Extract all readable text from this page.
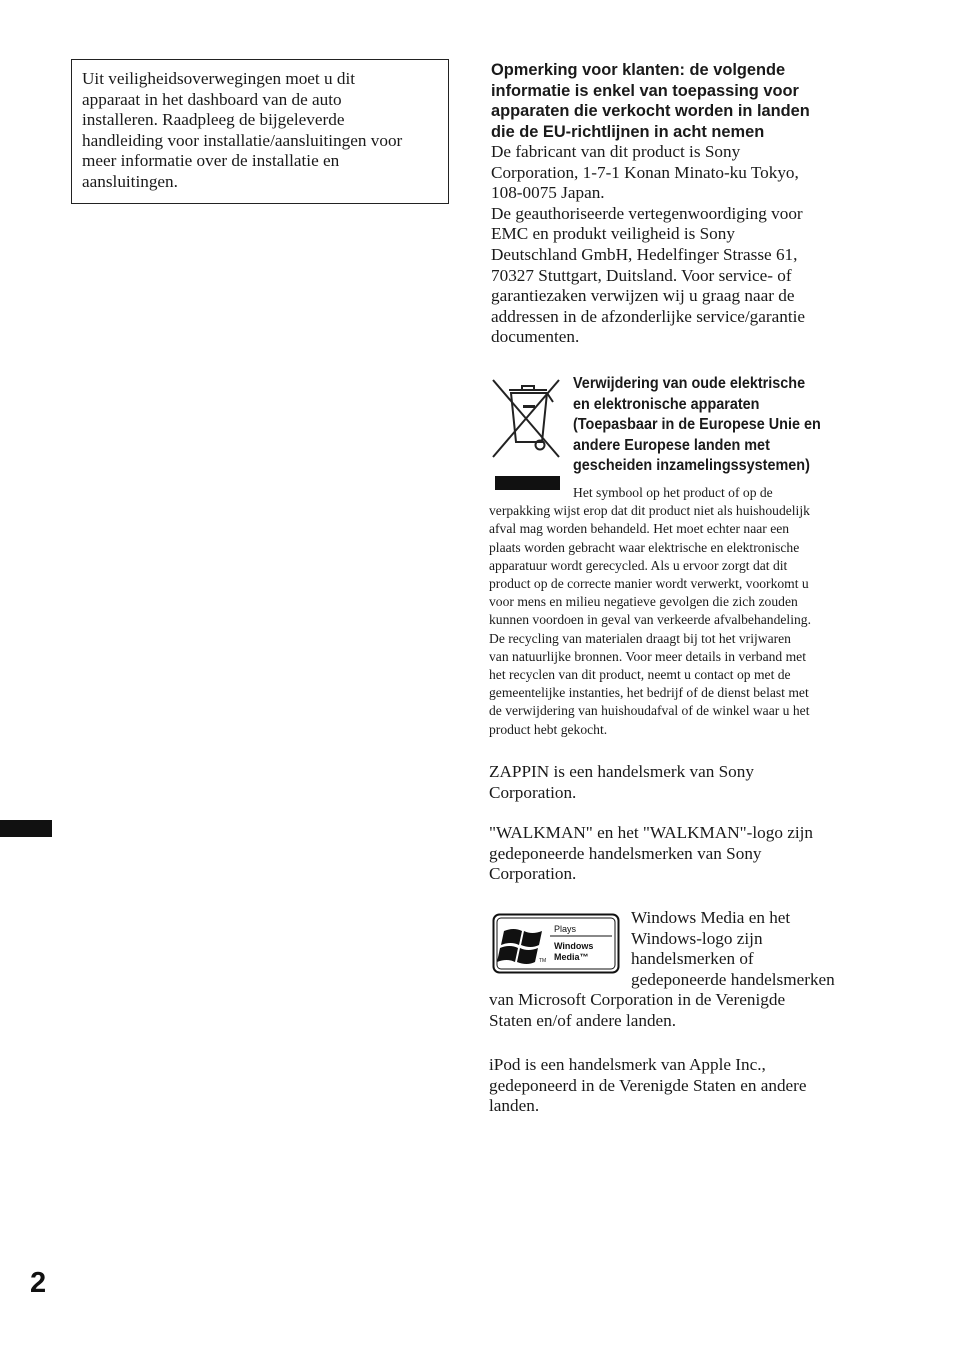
Uit veiligheidsoverwegingen moet u dit
apparaat in het dashboard van de auto
installeren. Raadpleeg de bijgeleverde
handleiding voor installatie/aansluitingen voor
meer informatie over de installatie en
aansluitingen.
Opmerking voor klanten: de volgende
informatie is enkel van toepassing voor
apparaten die verkocht worden in landen
die de EU-richtlijnen in acht nemen
De fabricant van dit product is Sony
Corporation, 1-7-1 Konan Minato-ku Tokyo,
108-0075 Japan.
De geauthoriseerde vertegenwoordiging voor
EMC en produkt veiligheid is Sony
Deutschland GmbH, Hedelfinger Strasse 61,
70327 Stuttgart, Duitsland. Voor service- of
garantiezaken verwijzen wij u graag naar de
addressen in de afzonderlijke service/garantie
documenten.
Verwijdering van oude elektrische
en elektronische apparaten
(Toepasbaar in de Europese Unie en
andere Europese landen met
gescheiden inzamelingssystemen)
Het symbool op het product of op de
verpakking wijst erop dat dit product niet als huishoudelijk
afval mag worden behandeld. Het moet echter naar een
plaats worden gebracht waar elektrische en elektronische
apparatuur wordt gerecycled. Als u ervoor zorgt dat dit
product op de correcte manier wordt verwerkt, voorkomt u
voor mens en milieu negatieve gevolgen die zich zouden
kunnen voordoen in geval van verkeerde afvalbehandeling.
De recycling van materialen draagt bij tot het vrijwaren
van natuurlijke bronnen. Voor meer details in verband met
het recyclen van dit product, neemt u contact op met de
gemeentelijke instanties, het bedrijf of de dienst belast met
de verwijdering van huishoudafval of de winkel waar u het
product hebt gekocht.
ZAPPIN is een handelsmerk van Sony
Corporation.
"WALKMAN" en het "WALKMAN"-logo zijn
gedeponeerde handelsmerken van Sony
Corporation.
Plays
Windows
Media™
TM
Windows Media en het
Windows-logo zijn
handelsmerken of
gedeponeerde handelsmerken
van Microsoft Corporation in de Verenigde
Staten en/of andere landen.
iPod is een handelsmerk van Apple Inc.,
gedeponeerd in de Verenigde Staten en andere
landen.
2
